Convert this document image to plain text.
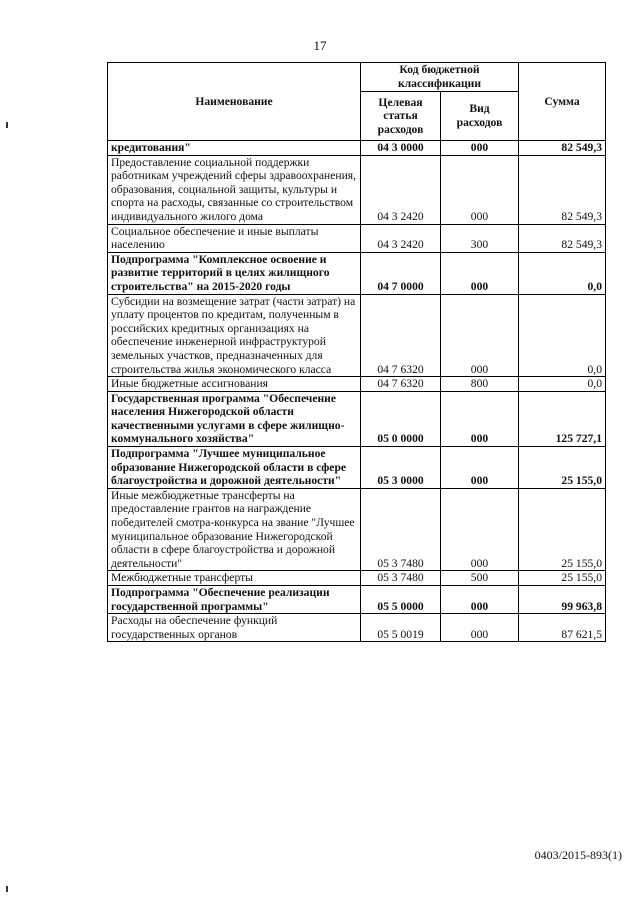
17
Наименование	Код бюджетной классификации		Сумма
	Целевая статья расходов	Вид расходов	
кредитования"	04 3 0000	000	82 549,3
Предоставление социальной поддержки работникам учреждений сферы здравоохранения, образования, социальной защиты, культуры и спорта на расходы, связанные со строительством индивидуального жилого дома	04 3 2420	000	82 549,3
Социальное обеспечение и иные выплаты населению	04 3 2420	300	82 549,3
Подпрограмма "Комплексное освоение и развитие территорий в целях жилищного строительства" на 2015-2020 годы	04 7 0000	000	0,0
Субсидии на возмещение затрат (части затрат) на уплату процентов по кредитам, полученным в российских кредитных организациях на обеспечение инженерной инфраструктурой земельных участков, предназначенных для строительства жилья экономического класса	04 7 6320	000	0,0
Иные бюджетные ассигнования	04 7 6320	800	0,0
Государственная программа "Обеспечение населения Нижегородской области качественными услугами в сфере жилищно-коммунального хозяйства"	05 0 0000	000	125 727,1
Подпрограмма "Лучшее муниципальное образование Нижегородской области в сфере благоустройства и дорожной деятельности"	05 3 0000	000	25 155,0
Иные межбюджетные трансферты на предоставление грантов на награждение победителей смотра-конкурса на звание "Лучшее муниципальное образование Нижегородской области в сфере благоустройства и дорожной деятельности"	05 3 7480	000	25 155,0
Межбюджетные трансферты	05 3 7480	500	25 155,0
Подпрограмма "Обеспечение реализации государственной программы"	05 5 0000	000	99 963,8
Расходы на обеспечение функций государственных органов	05 5 0019	000	87 621,5
0403/2015-893(1)
